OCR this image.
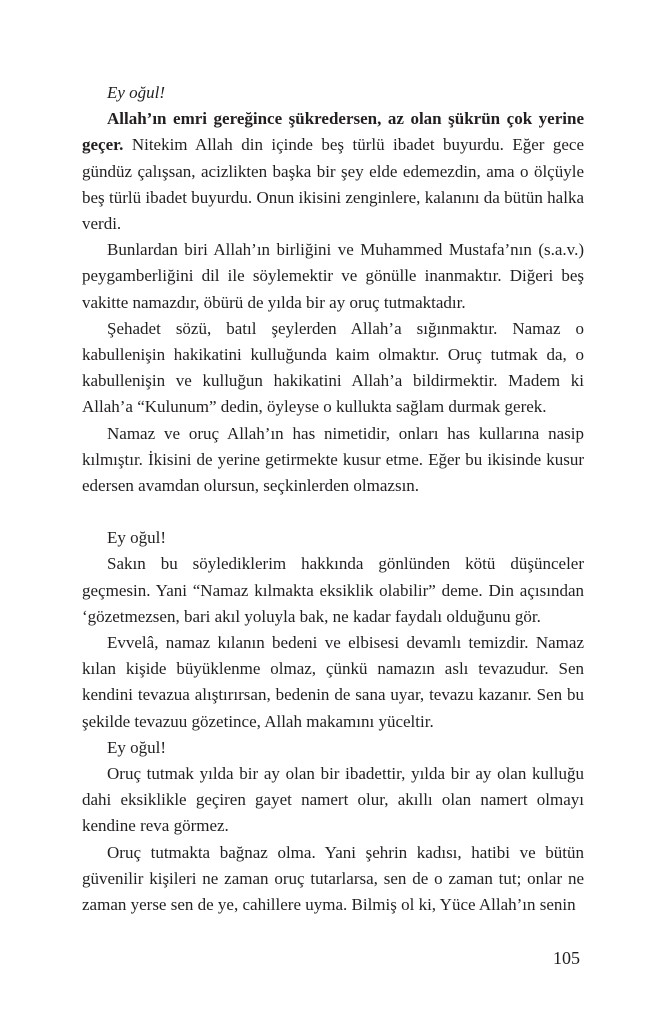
Ey oğul!

Allah’ın emri gereğince şükredersen, az olan şükrün çok yerine geçer. Nitekim Allah din içinde beş türlü ibadet buyurdu. Eğer gece gündüz çalışsan, acizlikten başka bir şey elde edemezdin, ama o ölçüyle beş türlü ibadet buyurdu. Onun ikisini zenginlere, kalanını da bütün halka verdi.

Bunlardan biri Allah’ın birliğini ve Muhammed Mustafa’nın (s.a.v.) peygamberliğini dil ile söylemektir ve gönülle inanmaktır. Diğeri beş vakitte namazdır, öbürü de yılda bir ay oruç tutmaktadır.

Şehadet sözü, batıl şeylerden Allah’a sığınmaktır. Namaz o kabullenişin hakikatini kulluğunda kaim olmaktır. Oruç tutmak da, o kabullenişin ve kulluğun hakikatini Allah’a bildirmektir. Madem ki Allah’a “Kulunum” dedin, öyleyse o kullukta sağlam durmak gerek.

Namaz ve oruç Allah’ın has nimetidir, onları has kullarına nasip kılmıştır. İkisini de yerine getirmekte kusur etme. Eğer bu ikisinde kusur edersen avamdan olursun, seçkinlerden olmazsın.

Ey oğul!

Sakın bu söylediklerim hakkında gönlünden kötü düşünceler geçmesin. Yani “Namaz kılmakta eksiklik olabilir” deme. Din açısından ‘gözetmezsen, bari akıl yoluyla bak, ne kadar faydalı olduğunu gör.

Evvelâ, namaz kılanın bedeni ve elbisesi devamlı temizdir. Namaz kılan kişide büyüklenme olmaz, çünkü namazın aslı tevazudur. Sen kendini tevazua alıştırırsan, bedenin de sana uyar, tevazu kazanır. Sen bu şekilde tevazuu gözetince, Allah makamını yüceltir.

Ey oğul!

Oruç tutmak yılda bir ay olan bir ibadettir, yılda bir ay olan kulluğu dahi eksiklikle geçiren gayet namert olur, akıllı olan namert olmayı kendine reva görmez.

Oruç tutmakta bağnaz olma. Yani şehrin kadısı, hatibi ve bütün güvenilir kişileri ne zaman oruç tutarlarsa, sen de o zaman tut; onlar ne zaman yerse sen de ye, cahillere uyma. Bilmiş ol ki, Yüce Allah’ın senin

105
